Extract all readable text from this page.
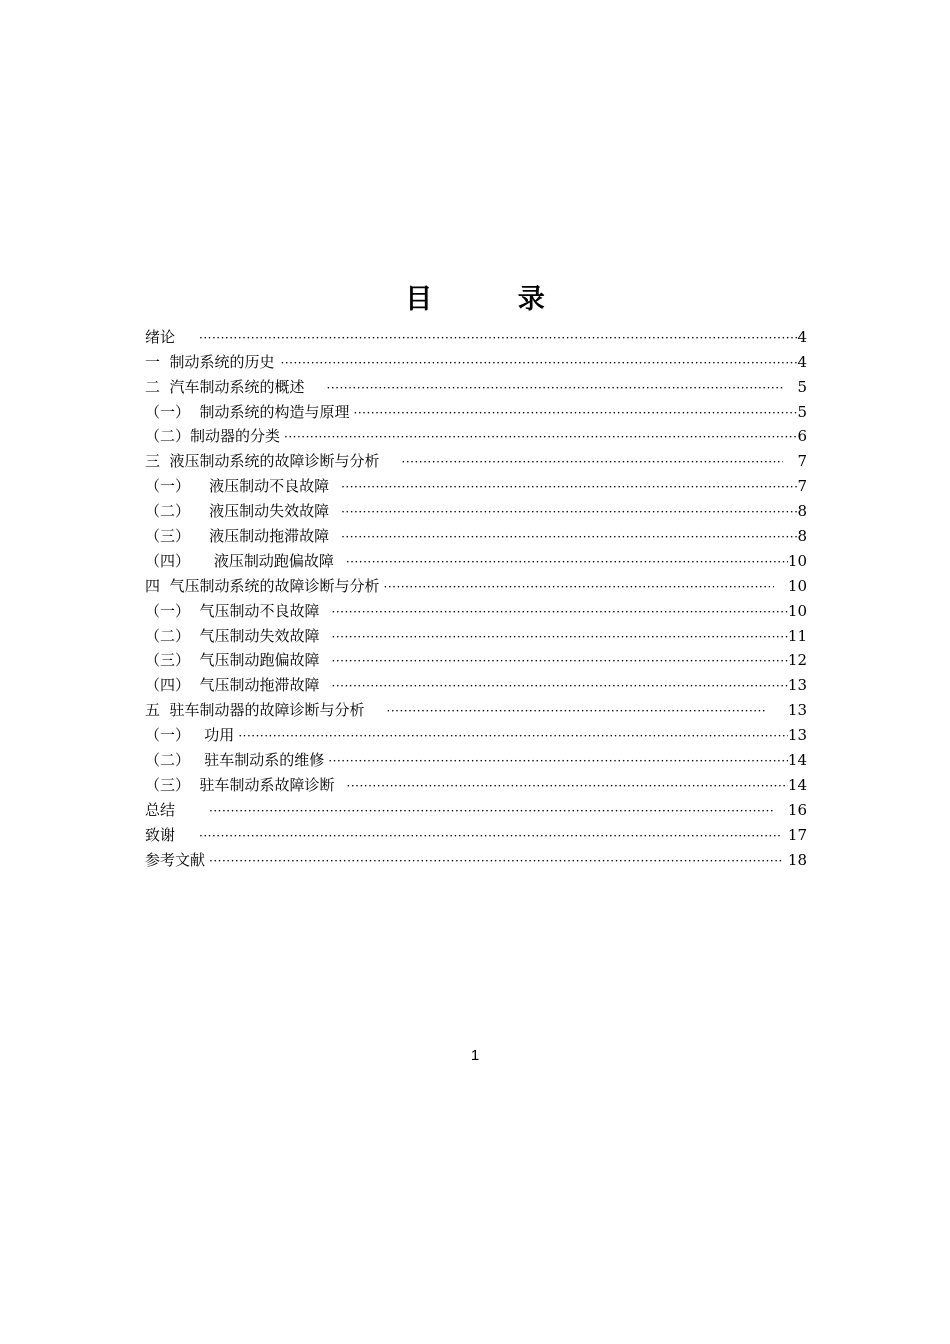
目 录
绪论 ·····	4
一  制动系统的历史 ·····	4
二  汽车制动系统的概述 ·····	5
（一）  制动系统的构造与原理 ·····	5
（二）制动器的分类 ·····	6
三  液压制动系统的故障诊断与分析 ·····	7
（一）    液压制动不良故障 ·····	7
（二）    液压制动失效故障 ·····	8
（三）    液压制动拖滞故障 ·····	8
（四）     液压制动跑偏故障 ·····	10
四  气压制动系统的故障诊断与分析 ·····	10
（一）  气压制动不良故障 ·····	10
（二）  气压制动失效故障 ·····	11
（三）  气压制动跑偏故障 ·····	12
（四）  气压制动拖滞故障 ·····	13
五  驻车制动器的故障诊断与分析 ·····	13
（一）   功用 ·····	13
（二）   驻车制动系的维修 ·····	14
（三）  驻车制动系故障诊断 ·····	14
总结 ·····	16
致谢 ·····	17
参考文献 ·····	18
1
